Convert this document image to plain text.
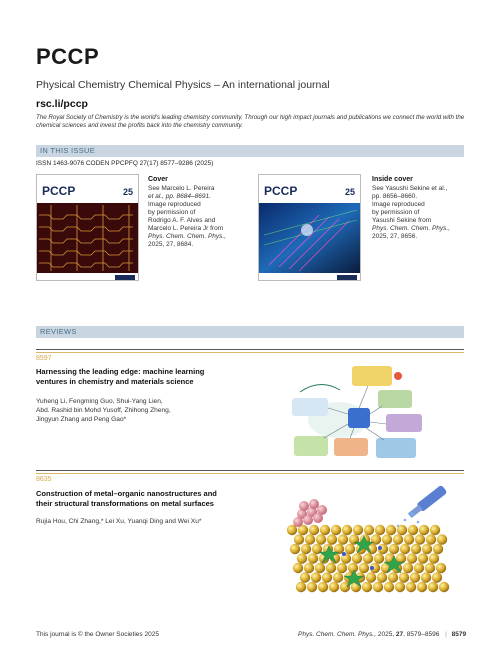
PCCP
Physical Chemistry Chemical Physics – An international journal
rsc.li/pccp
The Royal Society of Chemistry is the world's leading chemistry community. Through our high impact journals and publications we connect the world with the chemical sciences and invest the profits back into the chemistry community.
IN THIS ISSUE
ISSN 1463-9076 CODEN PPCPFQ 27(17) 8577–9286 (2025)
PCCP	25
Cover
See Marcelo L. Pereira
et al., pp. 8684–8691.
Image reproduced
by permission of
Rodrigo A. F. Alves and
Marcelo L. Pereira Jr from
Phys. Chem. Chem. Phys.,
2025, 27, 8684.
PCCP	25
Inside cover
See Yasushi Sekine et al.,
pp. 8656–8660.
Image reproduced
by permission of
Yasushi Sekine from
Phys. Chem. Chem. Phys.,
2025, 27, 8656.
REVIEWS
8597
Harnessing the leading edge: machine learning
ventures in chemistry and materials science
Yuheng Li, Fengming Guo, Shui-Yang Lien,
Abd. Rashid bin Mohd Yusoff, Zhihong Zheng,
Jingyun Zhang and Peng Gao*
8635
Construction of metal–organic nanostructures and
their structural transformations on metal surfaces
Rujia Hou, Chi Zhang,* Lei Xu, Yuanqi Ding and Wei Xu*
This journal is © the Owner Societies 2025	Phys. Chem. Chem. Phys., 2025, 27, 8579–8596 | 8579
